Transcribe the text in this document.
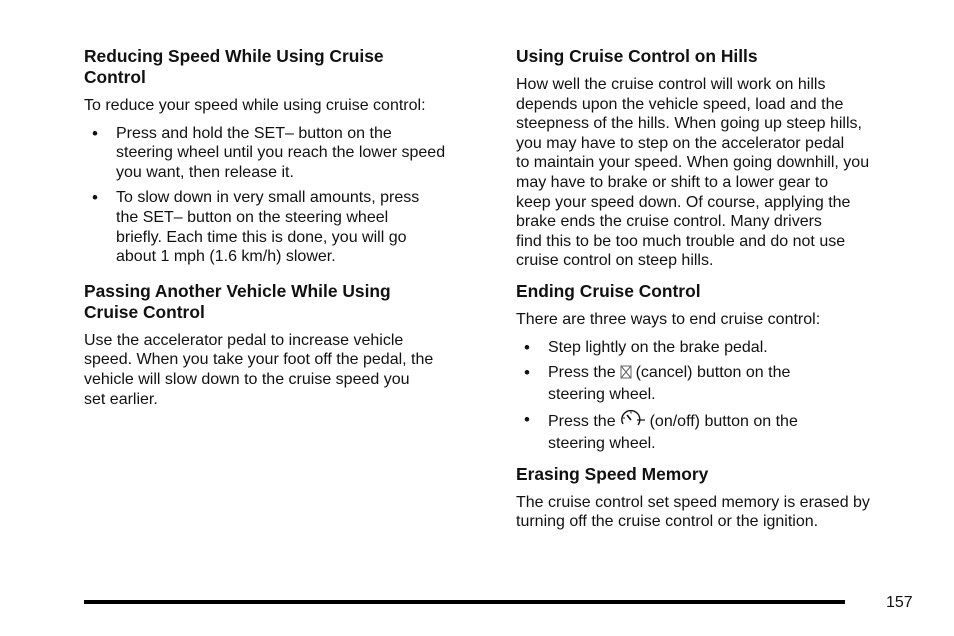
Reducing Speed While Using Cruise
Control

To reduce your speed while using cruise control:

• Press and hold the SET– button on the
steering wheel until you reach the lower speed
you want, then release it.
• To slow down in very small amounts, press
the SET– button on the steering wheel
briefly. Each time this is done, you will go
about 1 mph (1.6 km/h) slower.
Passing Another Vehicle While Using
Cruise Control

Use the accelerator pedal to increase vehicle
speed. When you take your foot off the pedal, the
vehicle will slow down to the cruise speed you
set earlier.

Using Cruise Control on Hills

How well the cruise control will work on hills
depends upon the vehicle speed, load and the
steepness of the hills. When going up steep hills,
you may have to step on the accelerator pedal
to maintain your speed. When going downhill, you
may have to brake or shift to a lower gear to
keep your speed down. Of course, applying the
brake ends the cruise control. Many drivers
find this to be too much trouble and do not use
cruise control on steep hills.

Ending Cruise Control

There are three ways to end cruise control:

• Step lightly on the brake pedal.
• Press the (cancel) button on the
steering wheel.
• Press the (on/off) button on the
steering wheel.
Erasing Speed Memory

The cruise control set speed memory is erased by
turning off the cruise control or the ignition.

157
